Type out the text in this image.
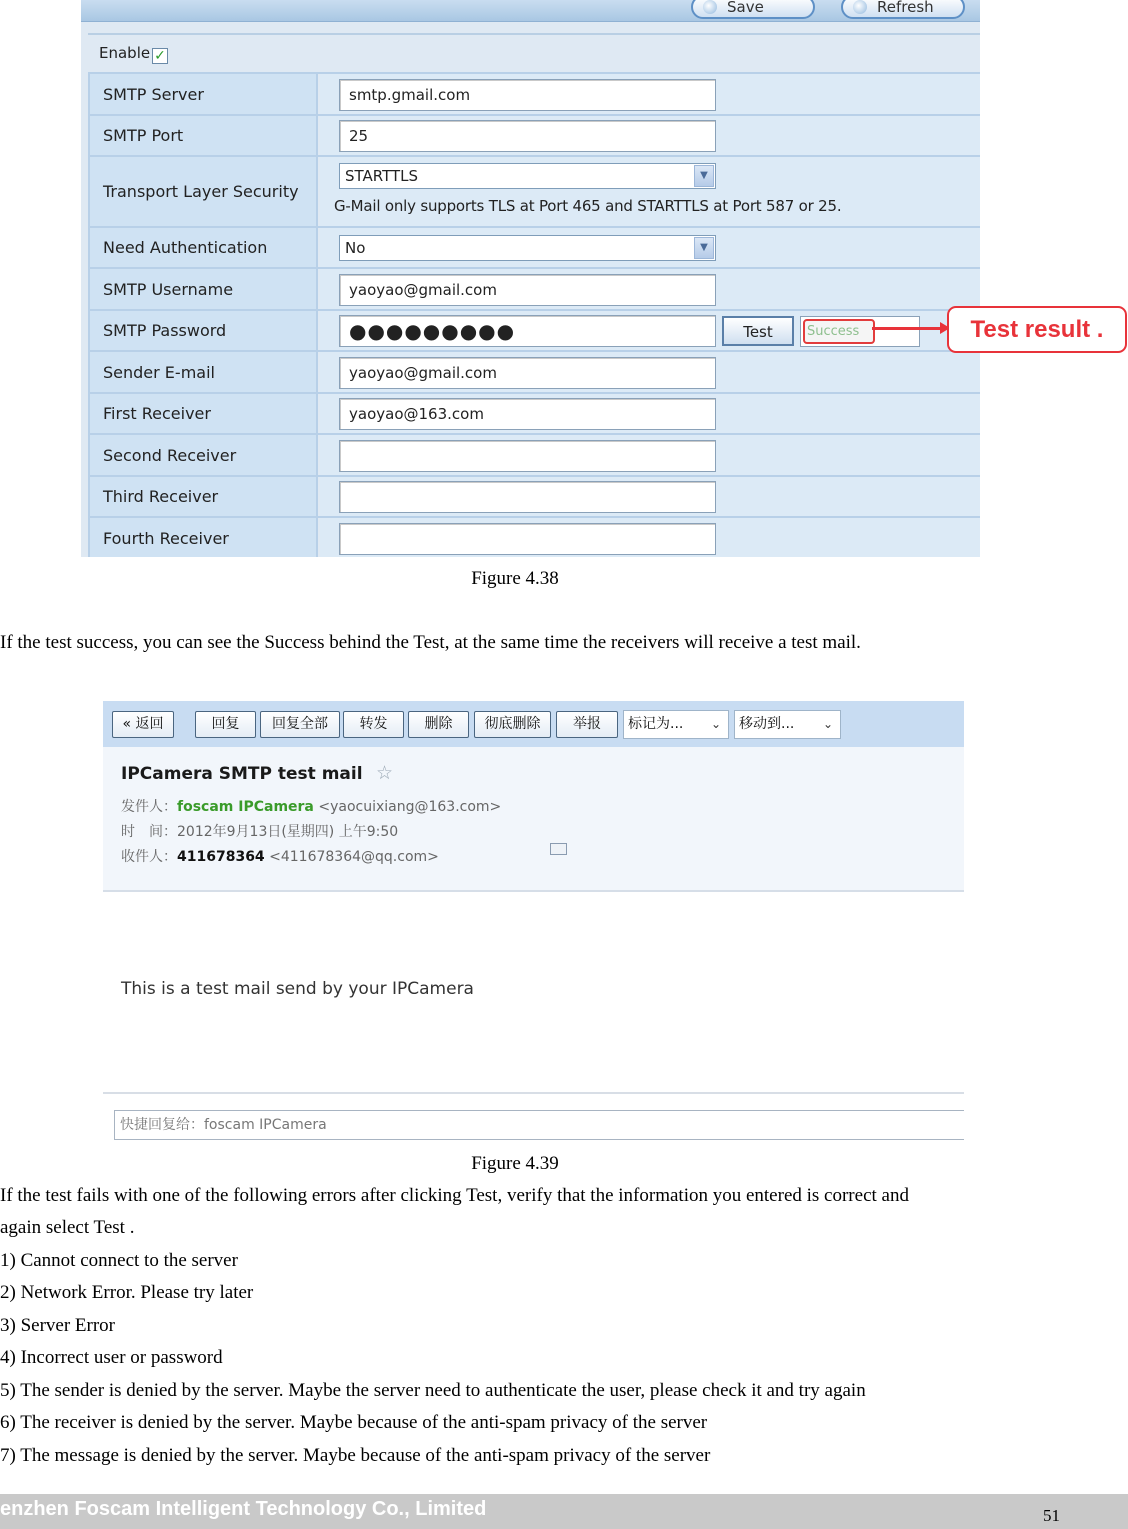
Save	Refresh
Enable ✓
SMTP Server	smtp.gmail.com
SMTP Port	25
Transport Layer Security
STARTTLS	▼
G-Mail only supports TLS at Port 465 and STARTTLS at Port 587 or 25.
Need Authentication	No	▼
SMTP Username	yaoyao@gmail.com
SMTP Password	●●●●●●●●●	Test	Success
Sender E-mail	yaoyao@gmail.com
First Receiver	yaoyao@163.com
Second Receiver
Third Receiver
Fourth Receiver
Test result .
Figure 4.38
If the test success, you can see the Success behind the Test, at the same time the receivers will receive a test mail.
« 返回	回复	回复全部	转发	删除	彻底删除	举报	标记为...	⌄	移动到...	⌄
IPCamera SMTP test mail ☆
发件人：foscam IPCamera <yaocuixiang@163.com>
时　间：2012年9月13日(星期四) 上午9:50
收件人：411678364 <411678364@qq.com>
This is a test mail send by your IPCamera
快捷回复给：foscam IPCamera
Figure 4.39
If the test fails with one of the following errors after clicking Test, verify that the information you entered is correct and
again select Test .
1) Cannot connect to the server
2) Network Error. Please try later
3) Server Error
4) Incorrect user or password
5) The sender is denied by the server. Maybe the server need to authenticate the user, please check it and try again
6) The receiver is denied by the server. Maybe because of the anti-spam privacy of the server
7) The message is denied by the server. Maybe because of the anti-spam privacy of the server
enzhen Foscam Intelligent Technology Co., Limited	51
